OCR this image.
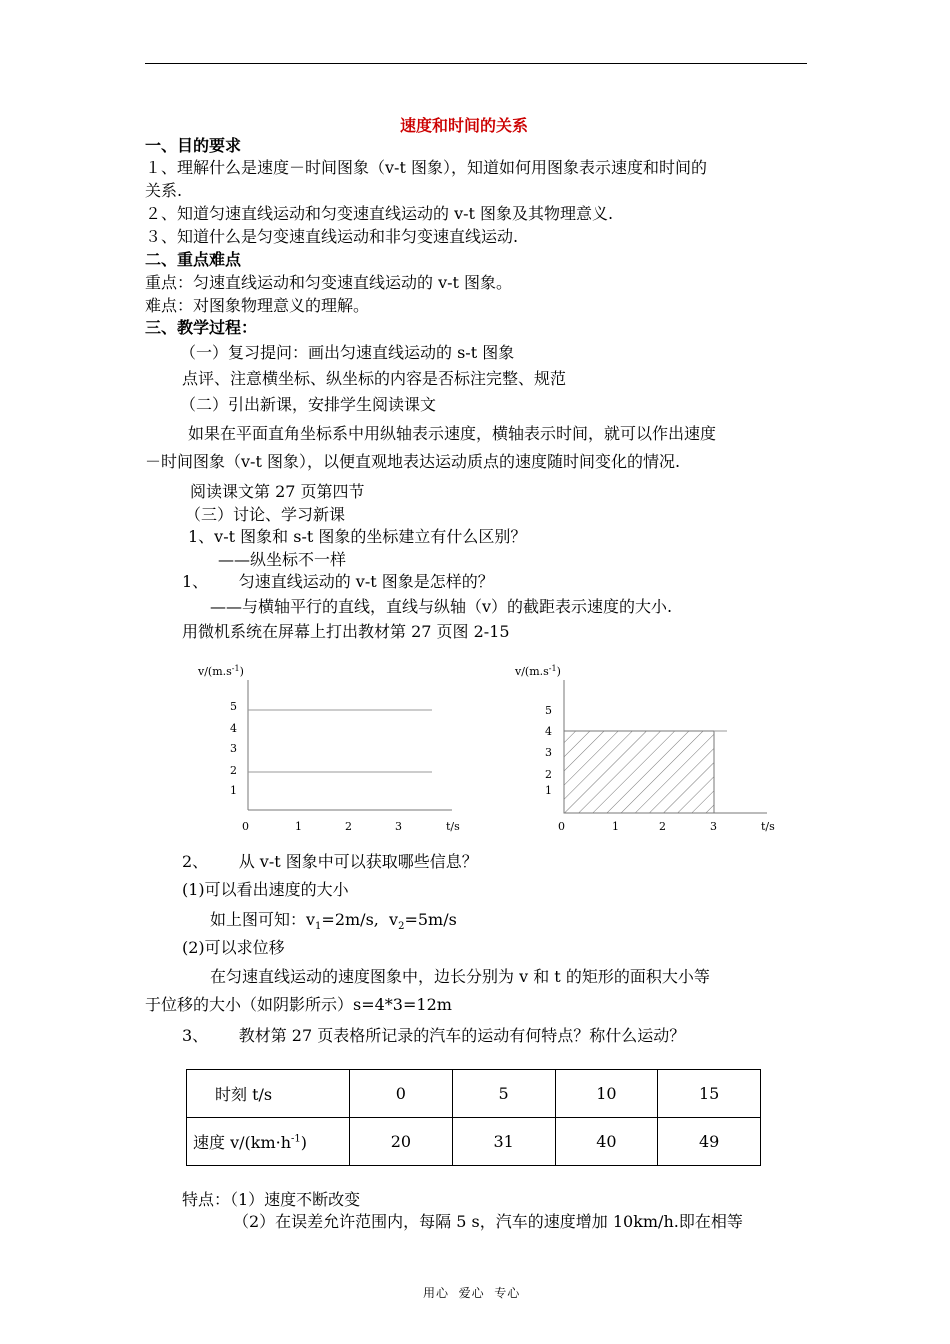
速度和时间的关系
一、目的要求
１、理解什么是速度－时间图象（v-t 图象），知道如何用图象表示速度和时间的
关系.
２、知道匀速直线运动和匀变速直线运动的 v-t 图象及其物理意义.
３、知道什么是匀变速直线运动和非匀变速直线运动.
二、重点难点
重点：匀速直线运动和匀变速直线运动的 v-t 图象。
难点：对图象物理意义的理解。
三、教学过程：
（一）复习提问：画出匀速直线运动的 s-t 图象
点评、注意横坐标、纵坐标的内容是否标注完整、规范
（二）引出新课，安排学生阅读课文
如果在平面直角坐标系中用纵轴表示速度，横轴表示时间，就可以作出速度
－时间图象（v-t 图象），以便直观地表达运动质点的速度随时间变化的情况.
阅读课文第 27 页第四节
（三）讨论、学习新课
1、v-t 图象和 s-t 图象的坐标建立有什么区别？
——纵坐标不一样
1、      匀速直线运动的 v-t 图象是怎样的？
——与横轴平行的直线，直线与纵轴（v）的截距表示速度的大小.
用微机系统在屏幕上打出教材第 27 页图 2-15
$v/(m.s^{-1})$
5
4
3
2
1
0	1	2	3	t/s
$v/(m.s^{-1})$
5
4
3
2
1
0	1	2	3	t/s
2、      从 v-t 图象中可以获取哪些信息？
(1)可以看出速度的大小
如上图可知：$v_1=2m/s$,  $v_2=5m/s$
(2)可以求位移
在匀速直线运动的速度图象中，边长分别为 v 和 t 的矩形的面积大小等
于位移的大小（如阴影所示）s=4*3=12m
3、      教材第 27 页表格所记录的汽车的运动有何特点？称什么运动？
时刻 t/s	0	5	10	15
速度 $v/(km\cdot h^{-1})$	20	31	40	49
特点：（1）速度不断改变
（2）在误差允许范围内，每隔 5 s，汽车的速度增加 10km/h.即在相等
用心  爱心  专心
